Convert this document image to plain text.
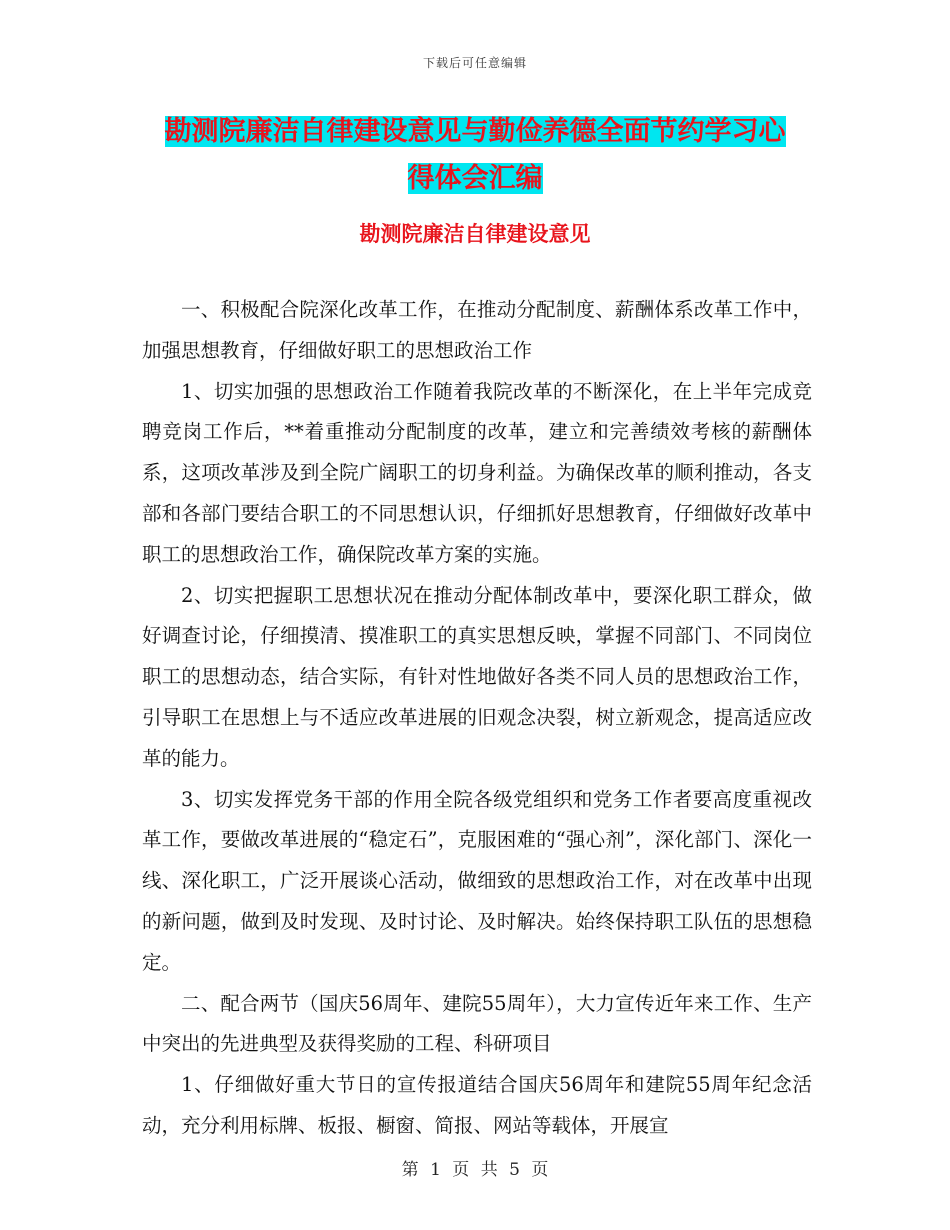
下载后可任意编辑
勘测院廉洁自律建设意见与勤俭养德全面节约学习心
得体会汇编
勘测院廉洁自律建设意见

一、积极配合院深化改革工作，在推动分配制度、薪酬体系改革工作中，加强思想教育，仔细做好职工的思想政治工作

1、切实加强的思想政治工作随着我院改革的不断深化，在上半年完成竞聘竞岗工作后，**着重推动分配制度的改革，建立和完善绩效考核的薪酬体系，这项改革涉及到全院广阔职工的切身利益。为确保改革的顺利推动，各支部和各部门要结合职工的不同思想认识，仔细抓好思想教育，仔细做好改革中职工的思想政治工作，确保院改革方案的实施。

2、切实把握职工思想状况在推动分配体制改革中，要深化职工群众，做好调查讨论，仔细摸清、摸准职工的真实思想反映，掌握不同部门、不同岗位职工的思想动态，结合实际，有针对性地做好各类不同人员的思想政治工作，引导职工在思想上与不适应改革进展的旧观念决裂，树立新观念，提高适应改革的能力。

3、切实发挥党务干部的作用全院各级党组织和党务工作者要高度重视改革工作，要做改革进展的“稳定石”，克服困难的“强心剂”，深化部门、深化一线、深化职工，广泛开展谈心活动，做细致的思想政治工作，对在改革中出现的新问题，做到及时发现、及时讨论、及时解决。始终保持职工队伍的思想稳定。

二、配合两节（国庆56周年、建院55周年），大力宣传近年来工作、生产中突出的先进典型及获得奖励的工程、科研项目

1、仔细做好重大节日的宣传报道结合国庆56周年和建院55周年纪念活动，充分利用标牌、板报、橱窗、简报、网站等载体，开展宣

第 1 页 共 5 页
